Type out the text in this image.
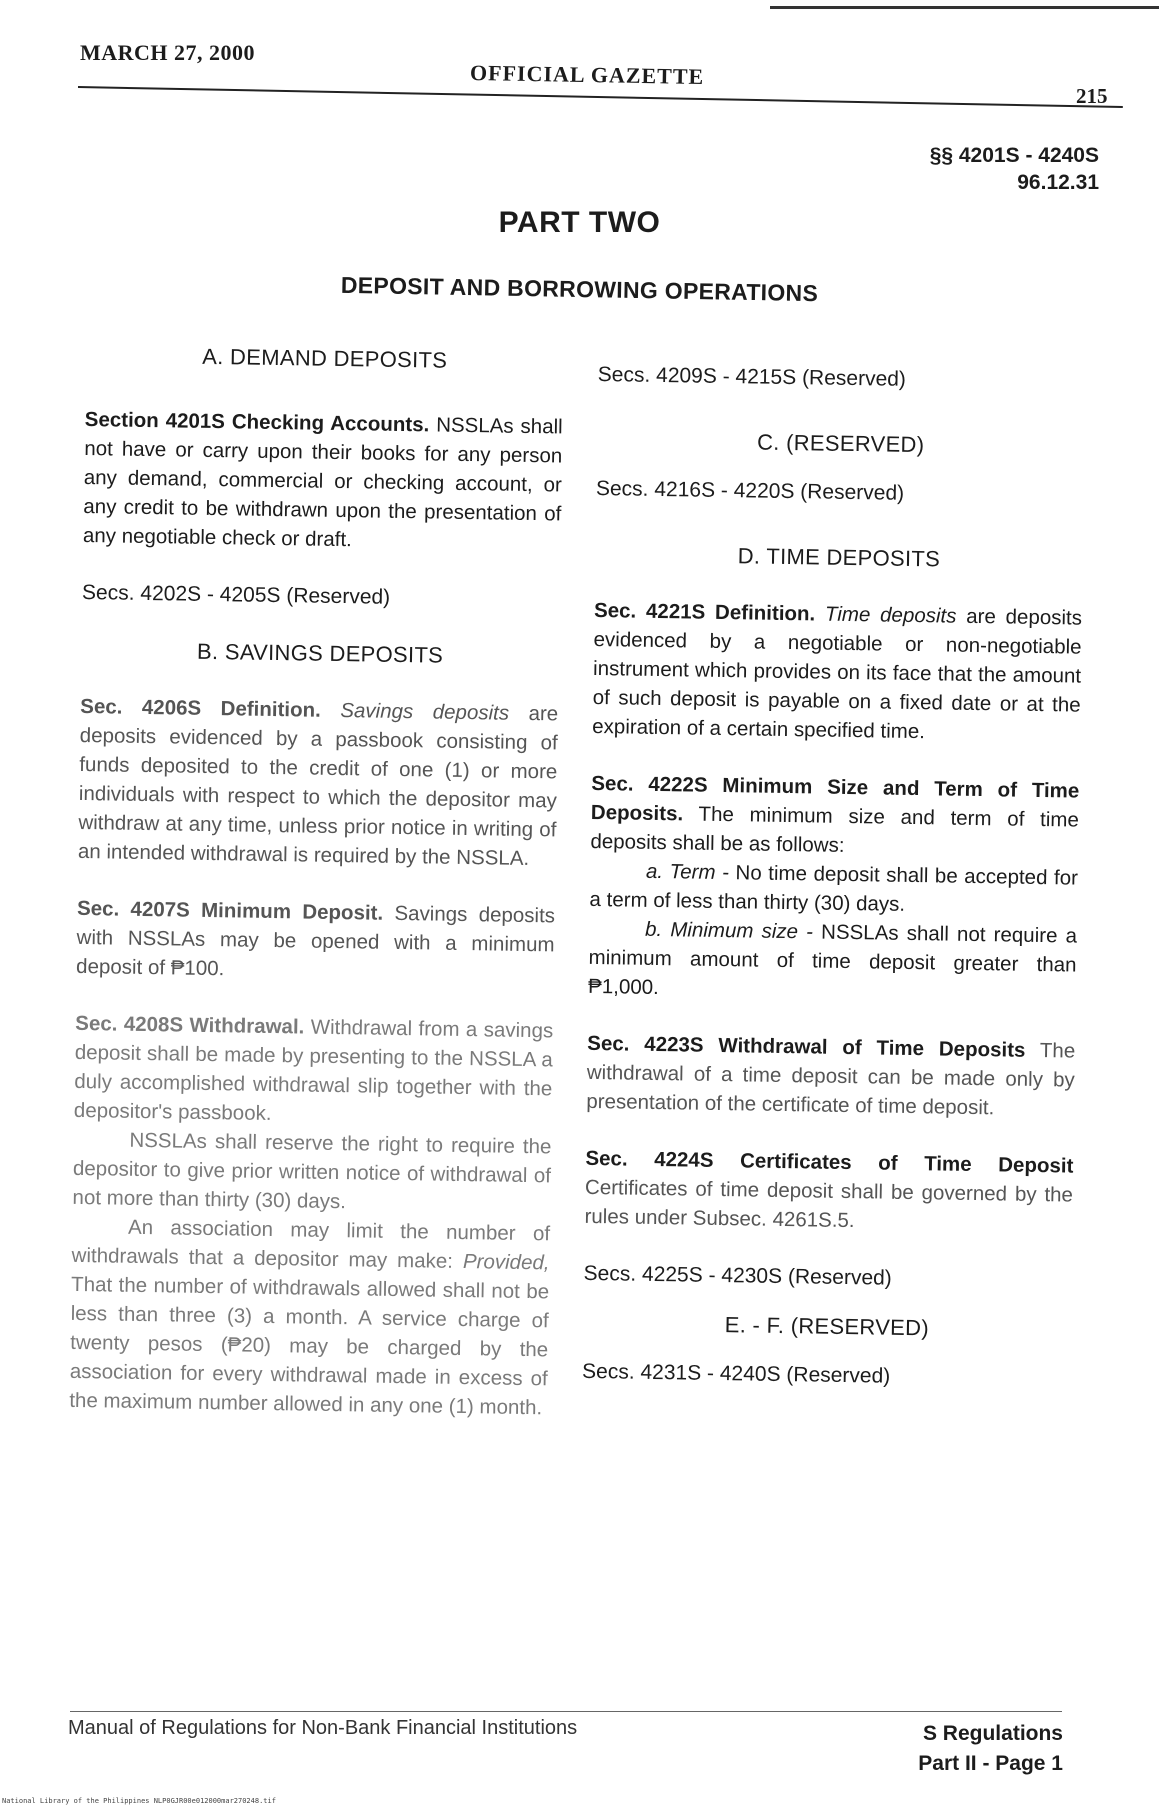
MARCH 27, 2000
OFFICIAL GAZETTE
215
§§ 4201S - 4240S
96.12.31
PART TWO
DEPOSIT AND BORROWING OPERATIONS

A. DEMAND DEPOSITS

Section 4201S Checking Accounts. NSSLAs shall not have or carry upon their books for any person any demand, commercial or checking account, or any credit to be withdrawn upon the presentation of any negotiable check or draft.

Secs. 4202S - 4205S (Reserved)

B. SAVINGS DEPOSITS

Sec. 4206S Definition. Savings deposits are deposits evidenced by a passbook consisting of funds deposited to the credit of one (1) or more individuals with respect to which the depositor may withdraw at any time, unless prior notice in writing of an intended withdrawal is required by the NSSLA.

Sec. 4207S Minimum Deposit. Savings deposits with NSSLAs may be opened with a minimum deposit of ₱100.

Sec. 4208S Withdrawal. Withdrawal from a savings deposit shall be made by presenting to the NSSLA a duly accomplished withdrawal slip together with the depositor's passbook.

NSSLAs shall reserve the right to require the depositor to give prior written notice of withdrawal of not more than thirty (30) days.

An association may limit the number of withdrawals that a depositor may make: Provided, That the number of withdrawals allowed shall not be less than three (3) a month. A service charge of twenty pesos (₱20) may be charged by the association for every withdrawal made in excess of the maximum number allowed in any one (1) month.

Secs. 4209S - 4215S (Reserved)

C. (RESERVED)

Secs. 4216S - 4220S (Reserved)

D. TIME DEPOSITS

Sec. 4221S Definition. Time deposits are deposits evidenced by a negotiable or non-negotiable instrument which provides on its face that the amount of such deposit is payable on a fixed date or at the expiration of a certain specified time.

Sec. 4222S Minimum Size and Term of Time Deposits. The minimum size and term of time deposits shall be as follows:

a. Term - No time deposit shall be accepted for a term of less than thirty (30) days.

b. Minimum size - NSSLAs shall not require a minimum amount of time deposit greater than ₱1,000.

Sec. 4223S Withdrawal of Time Deposits The withdrawal of a time deposit can be made only by presentation of the certificate of time deposit.

Sec. 4224S Certificates of Time Deposit Certificates of time deposit shall be governed by the rules under Subsec. 4261S.5.

Secs. 4225S - 4230S (Reserved)

E. - F. (RESERVED)

Secs. 4231S - 4240S (Reserved)

Manual of Regulations for Non-Bank Financial Institutions	S Regulations
Part II - Page 1
National Library of the Philippines NLP0GJR00e012000mar270248.tif
